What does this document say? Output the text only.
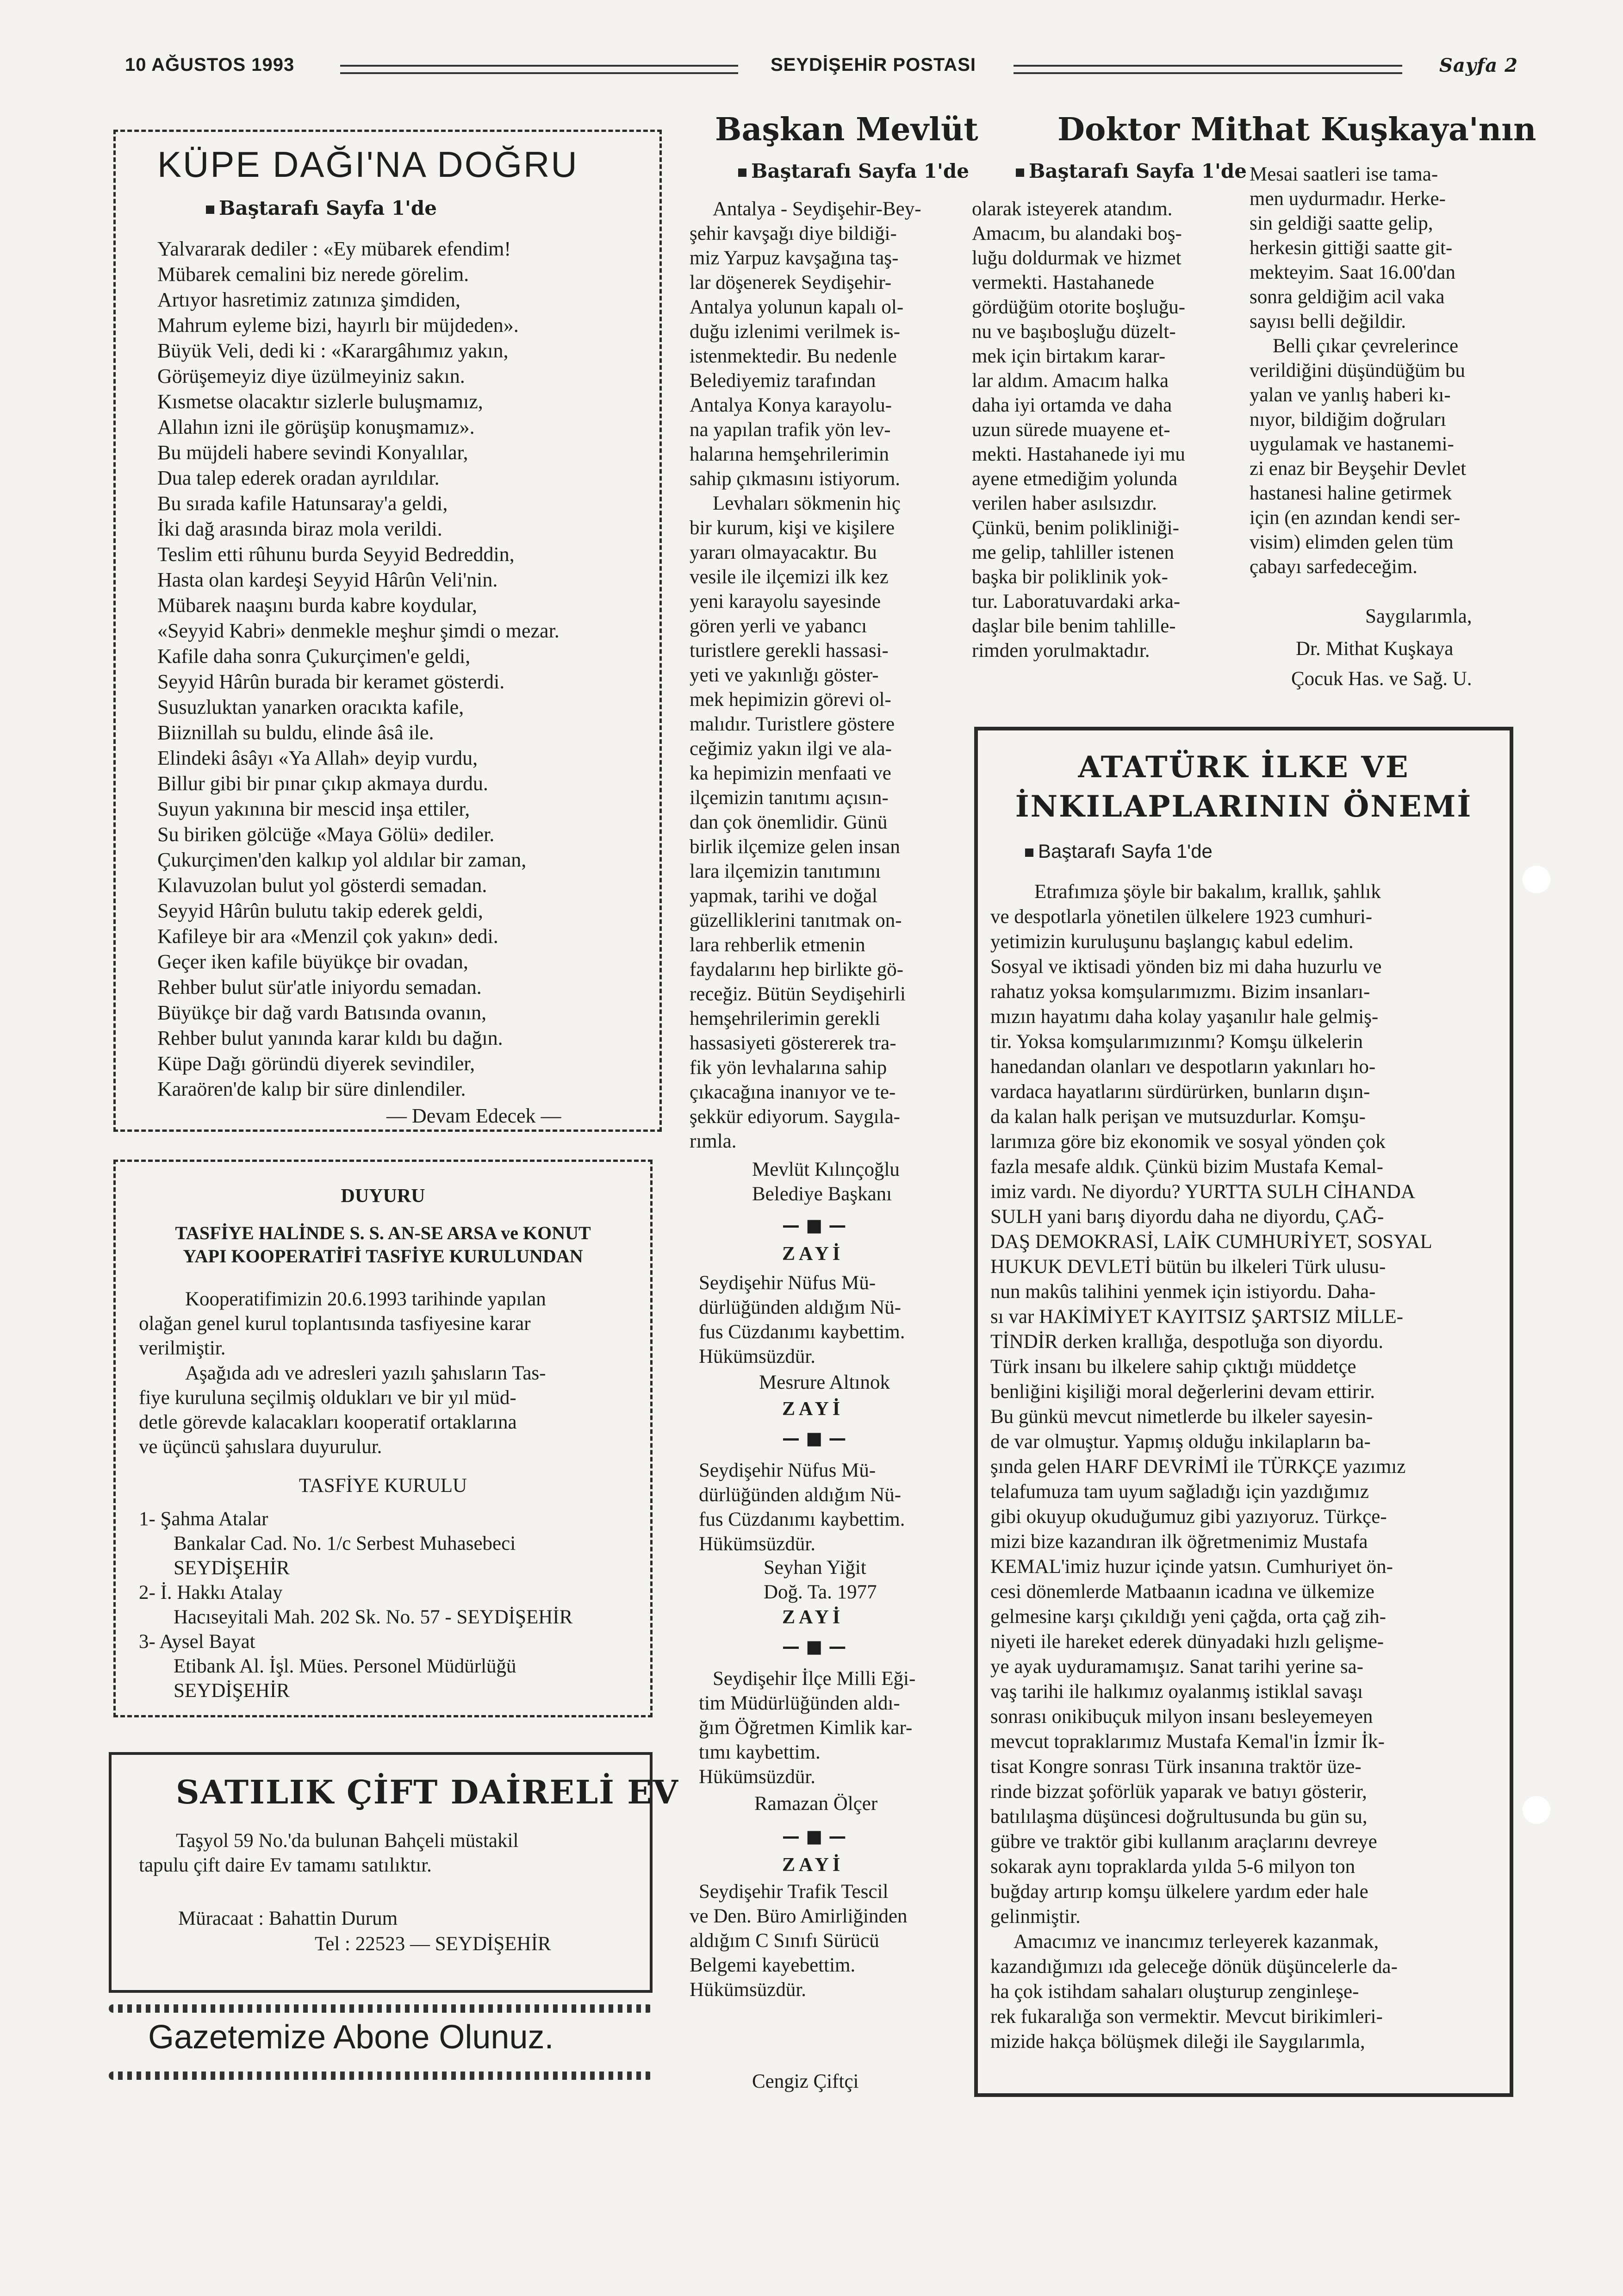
10 AĞUSTOS 1993	SEYDİŞEHİR POSTASI	Sayfa 2
KÜPE DAĞI'NA DOĞRU
Baştarafı Sayfa 1'de
Yalvararak dediler : «Ey mübarek efendim!
Mübarek cemalini biz nerede görelim.
Artıyor hasretimiz zatınıza şimdiden,
Mahrum eyleme bizi, hayırlı bir müjdeden».
Büyük Veli, dedi ki : «Karargâhımız yakın,
Görüşemeyiz diye üzülmeyiniz sakın.
Kısmetse olacaktır sizlerle buluşmamız,
Allahın izni ile görüşüp konuşmamız».
Bu müjdeli habere sevindi Konyalılar,
Dua talep ederek oradan ayrıldılar.
Bu sırada kafile Hatunsaray'a geldi,
İki dağ arasında biraz mola verildi.
Teslim etti rûhunu burda Seyyid Bedreddin,
Hasta olan kardeşi Seyyid Hârûn Veli'nin.
Mübarek naaşını burda kabre koydular,
«Seyyid Kabri» denmekle meşhur şimdi o mezar.
Kafile daha sonra Çukurçimen'e geldi,
Seyyid Hârûn burada bir keramet gösterdi.
Susuzluktan yanarken oracıkta kafile,
Biiznillah su buldu, elinde âsâ ile.
Elindeki âsâyı «Ya Allah» deyip vurdu,
Billur gibi bir pınar çıkıp akmaya durdu.
Suyun yakınına bir mescid inşa ettiler,
Su biriken gölcüğe «Maya Gölü» dediler.
Çukurçimen'den kalkıp yol aldılar bir zaman,
Kılavuzolan bulut yol gösterdi semadan.
Seyyid Hârûn bulutu takip ederek geldi,
Kafileye bir ara «Menzil çok yakın» dedi.
Geçer iken kafile büyükçe bir ovadan,
Rehber bulut sür'atle iniyordu semadan.
Büyükçe bir dağ vardı Batısında ovanın,
Rehber bulut yanında karar kıldı bu dağın.
Küpe Dağı göründü diyerek sevindiler,
Karaören'de kalıp bir süre dinlendiler.
— Devam Edecek —
DUYURU
TASFİYE HALİNDE S. S. AN-SE ARSA ve KONUT
YAPI KOOPERATİFİ TASFİYE KURULUNDAN
Kooperatifimizin 20.6.1993 tarihinde yapılan
olağan genel kurul toplantısında tasfiyesine karar
verilmiştir.
Aşağıda adı ve adresleri yazılı şahısların Tas-
fiye kuruluna seçilmiş oldukları ve bir yıl müd-
detle görevde kalacakları kooperatif ortaklarına
ve üçüncü şahıslara duyurulur.
TASFİYE KURULU
1- Şahma Atalar
Bankalar Cad. No. 1/c Serbest Muhasebeci
SEYDİŞEHİR
2- İ. Hakkı Atalay
Hacıseyitali Mah. 202 Sk. No. 57 - SEYDİŞEHİR
3- Aysel Bayat
Etibank Al. İşl. Mües. Personel Müdürlüğü
SEYDİŞEHİR
SATILIK ÇİFT DAİRELİ EV
Taşyol 59 No.'da bulunan Bahçeli müstakil
tapulu çift daire Ev tamamı satılıktır.
Müracaat : Bahattin Durum
Tel : 22523 — SEYDİŞEHİR
Gazetemize Abone Olunuz.
Başkan Mevlüt
Baştarafı Sayfa 1'de
Antalya - Seydişehir-Bey-
şehir kavşağı diye bildiği-
miz Yarpuz kavşağına taş-
lar döşenerek Seydişehir-
Antalya yolunun kapalı ol-
duğu izlenimi verilmek is-
istenmektedir. Bu nedenle
Belediyemiz tarafından
Antalya Konya karayolu-
na yapılan trafik yön lev-
halarına hemşehrilerimin
sahip çıkmasını istiyorum.
Levhaları sökmenin hiç
bir kurum, kişi ve kişilere
yararı olmayacaktır. Bu
vesile ile ilçemizi ilk kez
yeni karayolu sayesinde
gören yerli ve yabancı
turistlere gerekli hassasi-
yeti ve yakınlığı göster-
mek hepimizin görevi ol-
malıdır. Turistlere göstere
ceğimiz yakın ilgi ve ala-
ka hepimizin menfaati ve
ilçemizin tanıtımı açısın-
dan çok önemlidir. Günü
birlik ilçemize gelen insan
lara ilçemizin tanıtımını
yapmak, tarihi ve doğal
güzelliklerini tanıtmak on-
lara rehberlik etmenin
faydalarını hep birlikte gö-
receğiz. Bütün Seydişehirli
hemşehrilerimin gerekli
hassasiyeti göstererek tra-
fik yön levhalarına sahip
çıkacağına inanıyor ve te-
şekkür ediyorum. Saygıla-
rımla.
Mevlüt Kılınçoğlu
Belediye Başkanı
— ■ —
ZAYİ
Seydişehir Nüfus Mü-
dürlüğünden aldığım Nü-
fus Cüzdanımı kaybettim.
Hükümsüzdür.
Mesrure Altınok
ZAYİ
— ■ —
Seydişehir Nüfus Mü-
dürlüğünden aldığım Nü-
fus Cüzdanımı kaybettim.
Hükümsüzdür.
Seyhan Yiğit
Doğ. Ta. 1977
ZAYİ
— ■ —
Seydişehir İlçe Milli Eği-
tim Müdürlüğünden aldı-
ğım Öğretmen Kimlik kar-
tımı kaybettim.
Hükümsüzdür.
Ramazan Ölçer
— ■ —
ZAYİ
Seydişehir Trafik Tescil
ve Den. Büro Amirliğinden
aldığım C Sınıfı Sürücü
Belgemi kayebettim.
Hükümsüzdür.
Cengiz Çiftçi
Doktor Mithat Kuşkaya'nın
Baştarafı Sayfa 1'de
olarak isteyerek atandım.
Amacım, bu alandaki boş-
luğu doldurmak ve hizmet
vermekti. Hastahanede
gördüğüm otorite boşluğu-
nu ve başıboşluğu düzelt-
mek için birtakım karar-
lar aldım. Amacım halka
daha iyi ortamda ve daha
uzun sürede muayene et-
mekti. Hastahanede iyi mu
ayene etmediğim yolunda
verilen haber asılsızdır.
Çünkü, benim polikliniği-
me gelip, tahliller istenen
başka bir poliklinik yok-
tur. Laboratuvardaki arka-
daşlar bile benim tahlille-
rimden yorulmaktadır.
Mesai saatleri ise tama-
men uydurmadır. Herke-
sin geldiği saatte gelip,
herkesin gittiği saatte git-
mekteyim. Saat 16.00'dan
sonra geldiğim acil vaka
sayısı belli değildir.
Belli çıkar çevrelerince
verildiğini düşündüğüm bu
yalan ve yanlış haberi kı-
nıyor, bildiğim doğruları
uygulamak ve hastanemi-
zi enaz bir Beyşehir Devlet
hastanesi haline getirmek
için (en azından kendi ser-
visim) elimden gelen tüm
çabayı sarfedeceğim.
Saygılarımla,
Dr. Mithat Kuşkaya
Çocuk Has. ve Sağ. U.
ATATÜRK İLKE VE
İNKILAPLARININ ÖNEMİ
Baştarafı Sayfa 1'de
Etrafımıza şöyle bir bakalım, krallık, şahlık
ve despotlarla yönetilen ülkelere 1923 cumhuri-
yetimizin kuruluşunu başlangıç kabul edelim.
Sosyal ve iktisadi yönden biz mi daha huzurlu ve
rahatız yoksa komşularımızmı. Bizim insanları-
mızın hayatımı daha kolay yaşanılır hale gelmiş-
tir. Yoksa komşularımızınmı? Komşu ülkelerin
hanedandan olanları ve despotların yakınları ho-
vardaca hayatlarını sürdürürken, bunların dışın-
da kalan halk perişan ve mutsuzdurlar. Komşu-
larımıza göre biz ekonomik ve sosyal yönden çok
fazla mesafe aldık. Çünkü bizim Mustafa Kemal-
imiz vardı. Ne diyordu? YURTTA SULH CİHANDA
SULH yani barış diyordu daha ne diyordu, ÇAĞ-
DAŞ DEMOKRASİ, LAİK CUMHURİYET, SOSYAL
HUKUK DEVLETİ bütün bu ilkeleri Türk ulusu-
nun makûs talihini yenmek için istiyordu. Daha-
sı var HAKİMİYET KAYITSIZ ŞARTSIZ MİLLE-
TİNDİR derken krallığa, despotluğa son diyordu.
Türk insanı bu ilkelere sahip çıktığı müddetçe
benliğini kişiliği moral değerlerini devam ettirir.
Bu günkü mevcut nimetlerde bu ilkeler sayesin-
de var olmuştur. Yapmış olduğu inkilapların ba-
şında gelen HARF DEVRİMİ ile TÜRKÇE yazımız
telafumuza tam uyum sağladığı için yazdığımız
gibi okuyup okuduğumuz gibi yazıyoruz. Türkçe-
mizi bize kazandıran ilk öğretmenimiz Mustafa
KEMAL'imiz huzur içinde yatsın. Cumhuriyet ön-
cesi dönemlerde Matbaanın icadına ve ülkemize
gelmesine karşı çıkıldığı yeni çağda, orta çağ zih-
niyeti ile hareket ederek dünyadaki hızlı gelişme-
ye ayak uyduramamışız. Sanat tarihi yerine sa-
vaş tarihi ile halkımız oyalanmış istiklal savaşı
sonrası onikibuçuk milyon insanı besleyemeyen
mevcut topraklarımız Mustafa Kemal'in İzmir İk-
tisat Kongre sonrası Türk insanına traktör üze-
rinde bizzat şoförlük yaparak ve batıyı gösterir,
batılılaşma düşüncesi doğrultusunda bu gün su,
gübre ve traktör gibi kullanım araçlarını devreye
sokarak aynı topraklarda yılda 5-6 milyon ton
buğday artırıp komşu ülkelere yardım eder hale
gelinmiştir.
Amacımız ve inancımız terleyerek kazanmak,
kazandığımızı ıda geleceğe dönük düşüncelerle da-
ha çok istihdam sahaları oluşturup zenginleşe-
rek fukaralığa son vermektir. Mevcut birikimleri-
mizide hakça bölüşmek dileği ile Saygılarımla,
